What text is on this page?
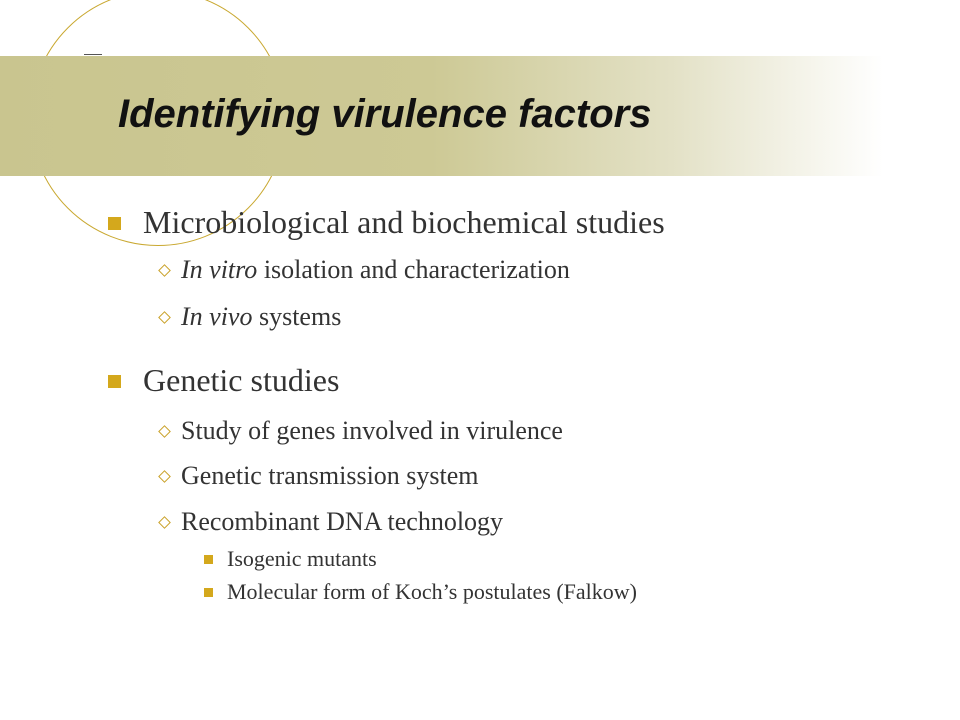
Identifying virulence factors
Microbiological and biochemical studies
In vitro isolation and characterization
In vivo systems
Genetic studies
Study of genes involved in virulence
Genetic transmission system
Recombinant DNA technology
Isogenic mutants
Molecular form of Koch’s postulates (Falkow)
